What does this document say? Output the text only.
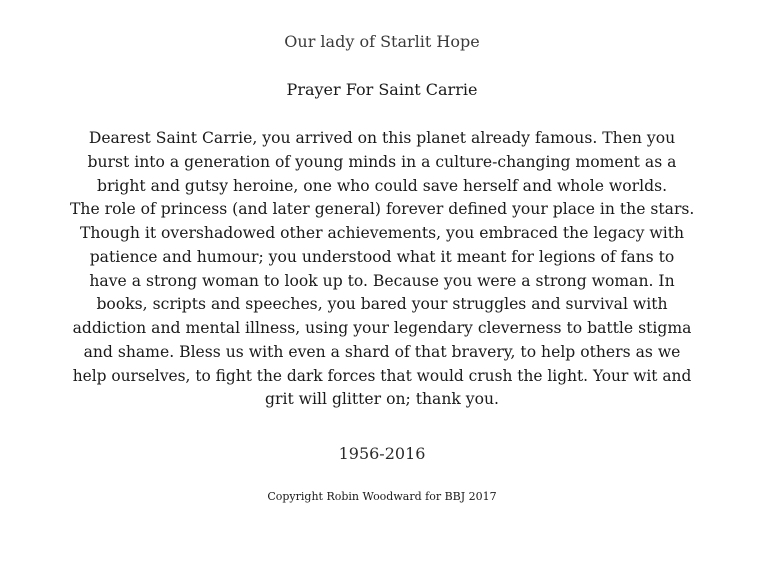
Our lady of Starlit Hope
Prayer For Saint Carrie
Dearest Saint Carrie, you arrived on this planet already famous. Then you
burst into a generation of young minds in a culture-changing moment as a
bright and gutsy heroine, one who could save herself and whole worlds.
The role of princess (and later general) forever defined your place in the stars.
Though it overshadowed other achievements, you embraced the legacy with
patience and humour; you understood what it meant for legions of fans to
have a strong woman to look up to. Because you were a strong woman. In
books, scripts and speeches, you bared your struggles and survival with
addiction and mental illness, using your legendary cleverness to battle stigma
and shame. Bless us with even a shard of that bravery, to help others as we
help ourselves, to fight the dark forces that would crush the light. Your wit and
grit will glitter on; thank you.
1956-2016
Copyright Robin Woodward for BBJ 2017
